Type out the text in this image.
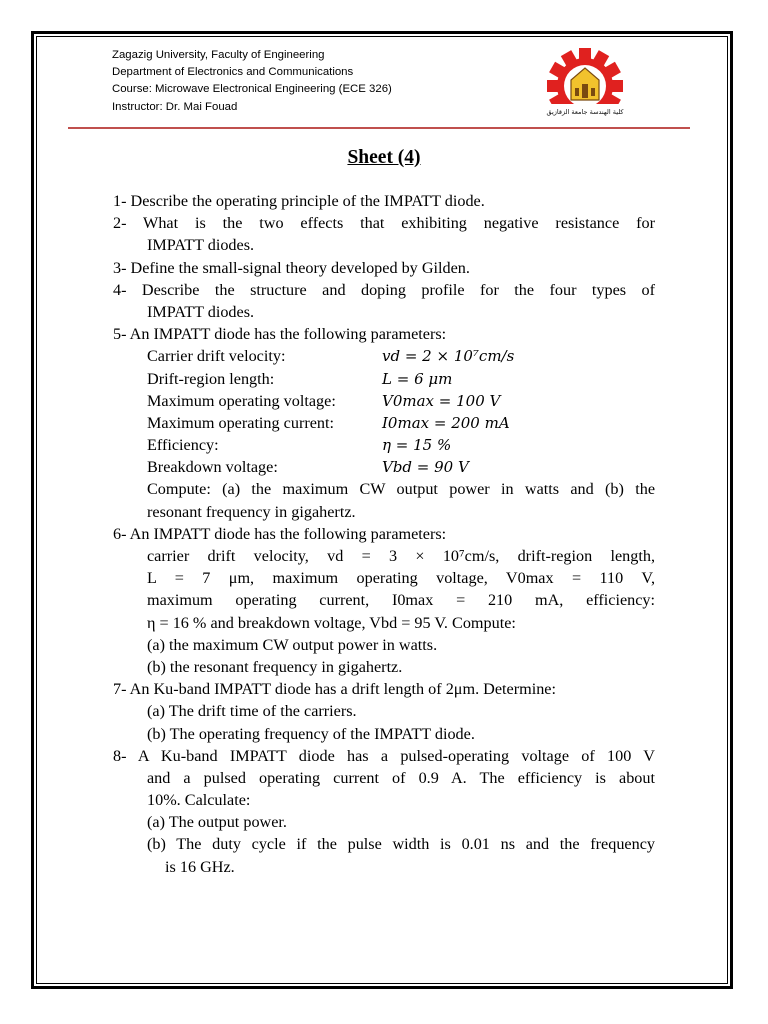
Zagazig University, Faculty of Engineering
Department of Electronics and Communications
Course: Microwave Electronical Engineering (ECE 326)
Instructor: Dr. Mai Fouad	كلية الهندسة جامعة الزقازيق
Sheet (4)
1- Describe the operating principle of the IMPATT diode.
2- What is the two effects that exhibiting negative resistance for
IMPATT diodes.
3- Define the small-signal theory developed by Gilden.
4- Describe the structure and doping profile for the four types of
IMPATT diodes.
5- An IMPATT diode has the following parameters:
Carrier drift velocity:	vd = 2 × 10⁷cm/s
Drift-region length:	L = 6 μm
Maximum operating voltage:	V0max = 100 V
Maximum operating current:	I0max = 200 mA
Efficiency:	η = 15 %
Breakdown voltage:	Vbd = 90 V
Compute: (a) the maximum CW output power in watts and (b) the
resonant frequency in gigahertz.
6- An IMPATT diode has the following parameters:
carrier drift velocity, vd = 3 × 10⁷cm/s, drift-region length,
L = 7 μm, maximum operating voltage, V0max = 110 V,
maximum operating current, I0max = 210 mA, efficiency:
η = 16 % and breakdown voltage, Vbd = 95 V. Compute:
(a) the maximum CW output power in watts.
(b) the resonant frequency in gigahertz.
7- An Ku-band IMPATT diode has a drift length of 2μm. Determine:
(a) The drift time of the carriers.
(b) The operating frequency of the IMPATT diode.
8- A Ku-band IMPATT diode has a pulsed-operating voltage of 100 V
and a pulsed operating current of 0.9 A. The efficiency is about
10%. Calculate:
(a) The output power.
(b) The duty cycle if the pulse width is 0.01 ns and the frequency
is 16 GHz.
